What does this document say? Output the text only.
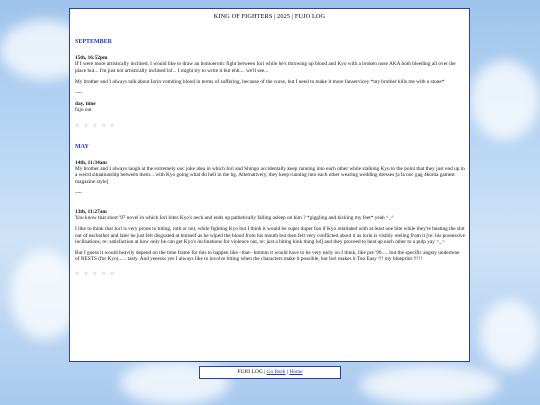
KING OF FIGHTERS | 2025 | FUJO LOG
SEPTEMBER
15th, 16:52pm

If I were more artistically inclined, I would like to draw an homoerotic fight between Iori while he's throwing up blood and Kyo with a broken nose AKA both bleeding all over the place but... I'm just not artistically inclined lol... I might try to write it but ehh.... we'll see...

My brother and I always talk about Iorin vomiting blood in terms of suffering, because of the curse, but I need to make it more fanservicey *my brother kills me with a stone*

----

day, time

fujo out

☆ ☆ ☆ ☆ ☆
MAY
14th, 11:34am

My brother and I always laugh at the extremely ooc joke idea in which Iori and Shingo accidentally keep running into each other while stalking Kyo to the point that they just end up in a weird situationship between them... with Kyo going what du hell in the bg. Alternatively, they keep running into each other wearing wedding dresses [a la ooc gag 4koma gamest magazine style]

----

13th, 11:27am

You know that short '97 novel in which Iori bites Kyo's neck and ends up pathetically falling asleep on him ? *giggling and kicking my feet* yeah ^_^

I like to think that Iori is very prone to biting, roth or not, while fighting Kyo but I think it would be super duper fun if Kyo retaliated with at least one bite while they're beating the shit out of eachother and later he just felt disgusted at himself as he wiped the blood from his mouth but then felt very conflicted about it as iorin is visibly reeling from it [re: his possessive inclinations, re: satisfaction at how only he can get Kyo's inclinations for violence out, re: just a biting kink thing lol] and they proceed to beat up each other to a pulp yay >_<

But I guess it would heavily depend on the time frame for this to happen like –that– hmmm it would have to be very early on I think, like pre '99..... but the specific angsty undertone of NESTS (for Kyo)...... tasty. And yeeesss yes I always like to involve biting when the characters make it possible, but Iori makes it Too Easy !!! my blueprint !!!!!

☆ ☆ ☆ ☆ ☆
FUJO LOG | Go Back | Home
